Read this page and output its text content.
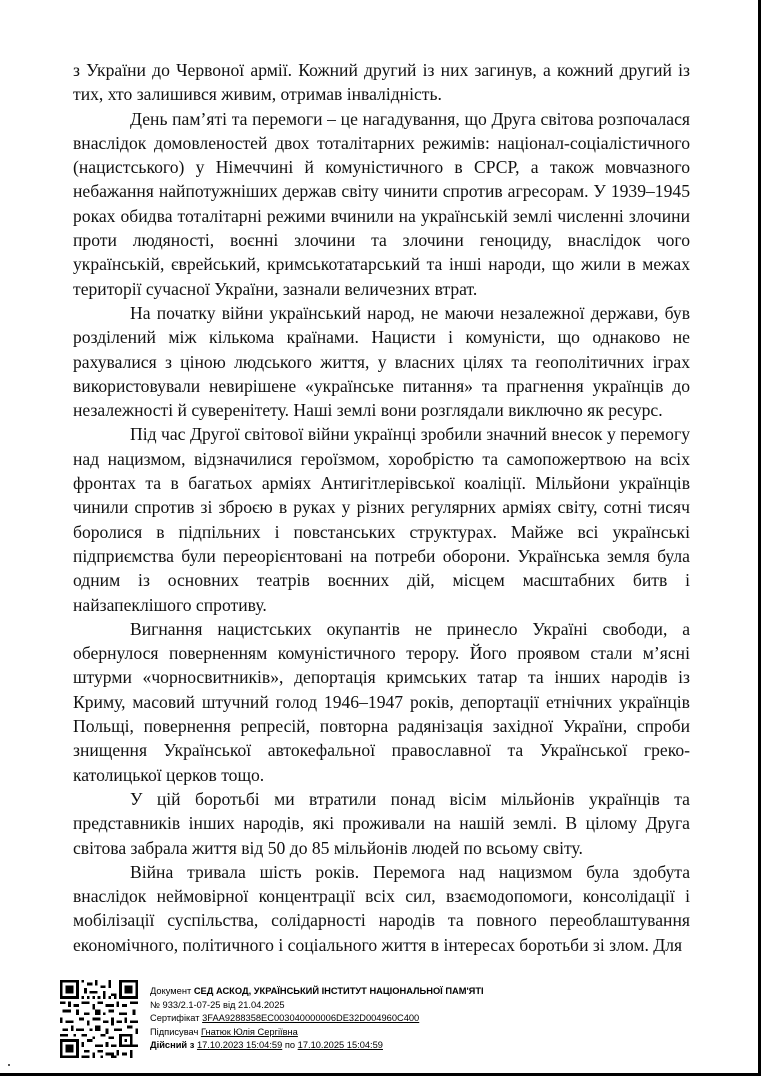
з України до Червоної армії. Кожний другий із них загинув, а кожний другий із тих, хто залишився живим, отримав інвалідність.

День пам’яті та перемоги – це нагадування, що Друга світова розпочалася внаслідок домовленостей двох тоталітарних режимів: націонал-соціалістичного (нацистського) у Німеччині й комуністичного в СРСР, а також мовчазного небажання найпотужніших держав світу чинити спротив агресорам. У 1939–1945 роках обидва тоталітарні режими вчинили на українській землі численні злочини проти людяності, воєнні злочини та злочини геноциду, внаслідок чого українській, єврейський, кримськотатарський та інші народи, що жили в межах території сучасної України, зазнали величезних втрат.

На початку війни український народ, не маючи незалежної держави, був розділений між кількома країнами. Нацисти і комуністи, що однаково не рахувалися з ціною людського життя, у власних цілях та геополітичних іграх використовували невирішене «українське питання» та прагнення українців до незалежності й суверенітету. Наші землі вони розглядали виключно як ресурс.

Під час Другої світової війни українці зробили значний внесок у перемогу над нацизмом, відзначилися героїзмом, хоробрістю та самопожертвою на всіх фронтах та в багатьох арміях Антигітлерівської коаліції. Мільйони українців чинили спротив зі зброєю в руках у різних регулярних арміях світу, сотні тисяч боролися в підпільних і повстанських структурах. Майже всі українські підприємства були переорієнтовані на потреби оборони. Українська земля була одним із основних театрів воєнних дій, місцем масштабних битв і найзапеклішого спротиву.

Вигнання нацистських окупантів не принесло Україні свободи, а обернулося поверненням комуністичного терору. Його проявом стали м’ясні штурми «чорносвитників», депортація кримських татар та інших народів із Криму, масовий штучний голод 1946–1947 років, депортації етнічних українців Польщі, повернення репресій, повторна радянізація західної України, спроби знищення Української автокефальної православної та Української греко-католицької церков тощо.

У цій боротьбі ми втратили понад вісім мільйонів українців та представників інших народів, які проживали на нашій землі. В цілому Друга світова забрала життя від 50 до 85 мільйонів людей по всьому світу.

Війна тривала шість років. Перемога над нацизмом була здобута внаслідок неймовірної концентрації всіх сил, взаємодопомоги, консолідації і мобілізації суспільства, солідарності народів та повного переоблаштування економічного, політичного і соціального життя в інтересах боротьби зі злом. Для

Документ СЕД АСКОД, УКРАЇНСЬКИЙ ІНСТИТУТ НАЦІОНАЛЬНОЇ ПАМ'ЯТІ
№ 933/2.1-07-25 від 21.04.2025
Сертифікат 3FAA9288358EC003040000006DE32D004960C400
Підписувач Гнатюк Юлія Сергіївна
Дійсний з 17.10.2023 15:04:59 по 17.10.2025 15:04:59
